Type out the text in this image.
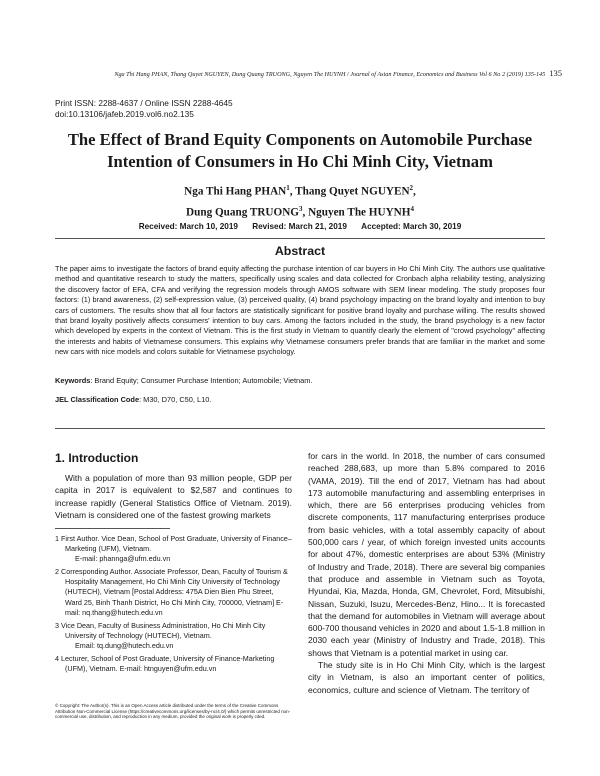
Nga Thi Hang PHAN, Thang Quyet NGUYEN, Dung Quang TRUONG, Nguyen The HUYNH / Journal of Asian Finance, Economics and Business Vol 6 No 2 (2019) 135-145 135
Print ISSN: 2288-4637 / Online ISSN 2288-4645
doi:10.13106/jafeb.2019.vol6.no2.135
The Effect of Brand Equity Components on Automobile Purchase
Intention of Consumers in Ho Chi Minh City, Vietnam
Nga Thi Hang PHAN$^1$, Thang Quyet NGUYEN$^2$,
Dung Quang TRUONG$^3$, Nguyen The HUYNH$^4$
Received: March 10, 2019 Revised: March 21, 2019 Accepted: March 30, 2019
Abstract

The paper aims to investigate the factors of brand equity affecting the purchase intention of car buyers in Ho Chi Minh City. The authors use qualitative method and quantitative research to study the matters, specifically using scales and data collected for Cronbach alpha reliability testing, analysizing the discovery factor of EFA, CFA and verifying the regression models through AMOS software with SEM linear modeling. The study proposes four factors: (1) brand awareness, (2) self-expression value, (3) perceived quality, (4) brand psychology impacting on the brand loyalty and intention to buy cars of customers. The results show that all four factors are statistically significant for positive brand loyalty and purchase willing. The results showed that brand loyalty positively affects consumers' intention to buy cars. Among the factors included in the study, the brand psychology is a new factor which developed by experts in the context of Vietnam. This is the first study in Vietnam to quantify clearly the element of "crowd psychology" affecting the interests and habits of Vietnamese consumers. This explains why Vietnamese consumers prefer brands that are familiar in the market and some new cars with nice models and colors suitable for Vietnamese psychology.

Keywords: Brand Equity; Consumer Purchase Intention; Automobile; Vietnam.
JEL Classification Code: M30, D70, C50, L10.
1. Introduction

With a population of more than 93 million people, GDP per capita in 2017 is equivalent to $2,587 and continues to increase rapidly (General Statistics Office of Vietnam. 2019). Vietnam is considered one of the fastest growing markets

1 First Author. Vice Dean, School of Post Graduate, University of Finance–Marketing (UFM), Vietnam.
E-mail: phannga@ufm.edu.vn

2 Corresponding Author. Associate Professor, Dean, Faculty of Tourism & Hospitality Management, Ho Chi Minh City University of Technology (HUTECH), Vietnam [Postal Address: 475A Dien Bien Phu Street, Ward 25, Binh Thanh District, Ho Chi Minh City, 700000, Vietnam] E-mail: nq.thang@hutech.edu.vn

3 Vice Dean, Faculty of Business Administration, Ho Chi Minh City University of Technology (HUTECH), Vietnam.
Email: tq.dung@hutech.edu.vn

4 Lecturer, School of Post Graduate, University of Finance-Marketing (UFM), Vietnam. E-mail: htnguyen@ufm.edu.vn

© Copyright: The Author(s). This is an Open Access article distributed under the terms of the Creative Commons Attribution Non-Commercial License (https://creativecommons.org/licenses/by-nc/4.0/) which permits unrestricted non-commercial use, distribution, and reproduction in any medium, provided the original work is properly cited.

for cars in the world. In 2018, the number of cars consumed reached 288,683, up more than 5.8% compared to 2016 (VAMA, 2019). Till the end of 2017, Vietnam has had about 173 automobile manufacturing and assembling enterprises in which, there are 56 enterprises producing vehicles from discrete components, 117 manufacturing enterprises produce from basic vehicles, with a total assembly capacity of about 500,000 cars / year, of which foreign invested units accounts for about 47%, domestic enterprises are about 53% (Ministry of Industry and Trade, 2018). There are several big companies that produce and assemble in Vietnam such as Toyota, Hyundai, Kia, Mazda, Honda, GM, Chevrolet, Ford, Mitsubishi, Nissan, Suzuki, Isuzu, Mercedes-Benz, Hino... It is forecasted that the demand for automobiles in Vietnam will average about 600-700 thousand vehicles in 2020 and about 1.5-1.8 million in 2030 each year (Ministry of Industry and Trade, 2018). This shows that Vietnam is a potential market in using car.

The study site is in Ho Chi Minh City, which is the largest city in Vietnam, is also an important center of politics, economics, culture and science of Vietnam. The territory of
